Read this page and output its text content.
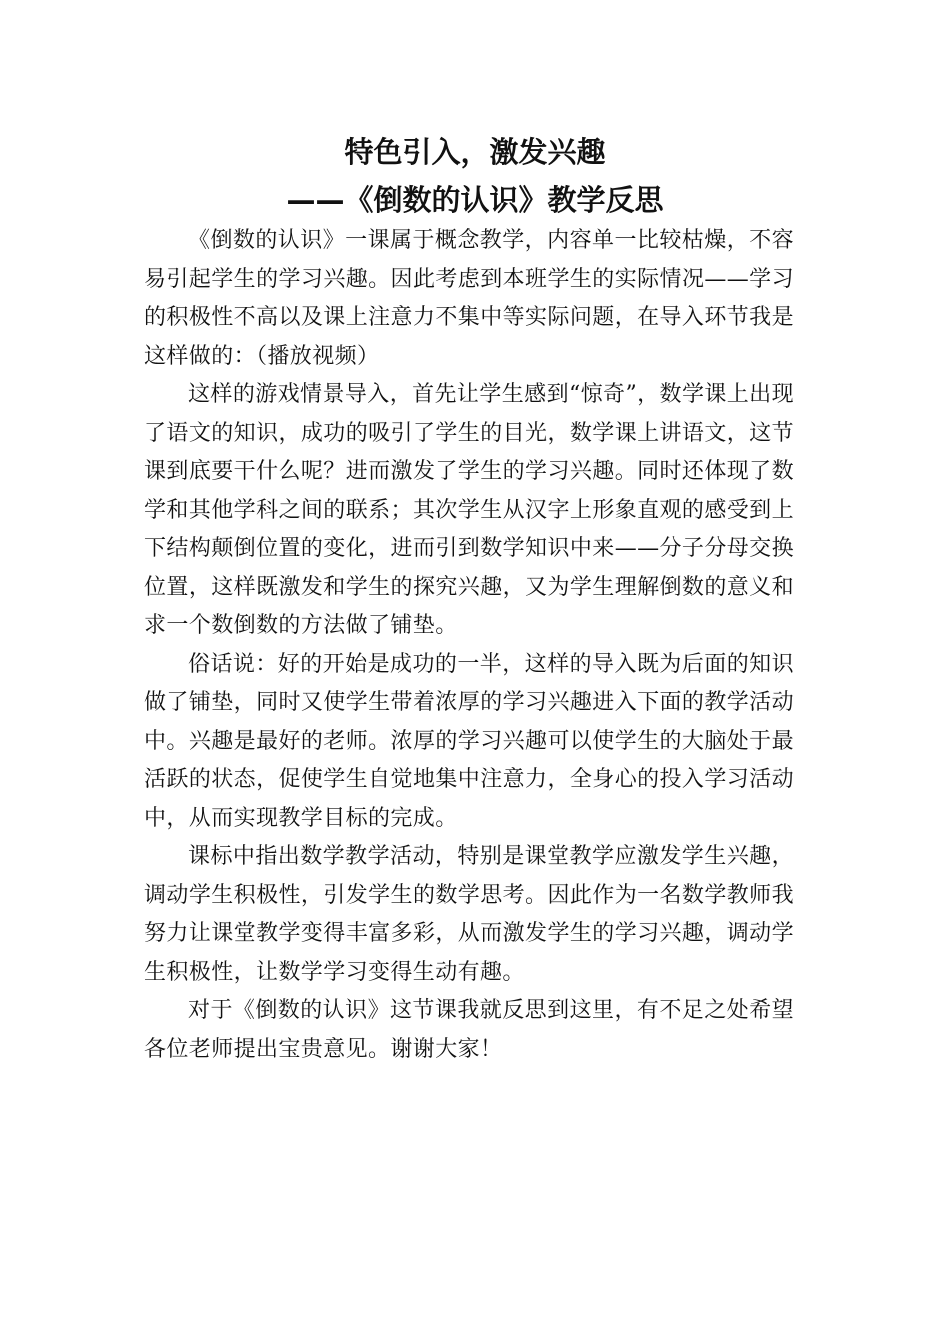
特色引入，激发兴趣
——《倒数的认识》教学反思

《倒数的认识》一课属于概念教学，内容单一比较枯燥，不容易引起学生的学习兴趣。因此考虑到本班学生的实际情况——学习的积极性不高以及课上注意力不集中等实际问题，在导入环节我是这样做的：（播放视频）

这样的游戏情景导入，首先让学生感到“惊奇”，数学课上出现了语文的知识，成功的吸引了学生的目光，数学课上讲语文，这节课到底要干什么呢？进而激发了学生的学习兴趣。同时还体现了数学和其他学科之间的联系；其次学生从汉字上形象直观的感受到上下结构颠倒位置的变化，进而引到数学知识中来——分子分母交换位置，这样既激发和学生的探究兴趣，又为学生理解倒数的意义和求一个数倒数的方法做了铺垫。

俗话说：好的开始是成功的一半，这样的导入既为后面的知识做了铺垫，同时又使学生带着浓厚的学习兴趣进入下面的教学活动中。兴趣是最好的老师。浓厚的学习兴趣可以使学生的大脑处于最活跃的状态，促使学生自觉地集中注意力，全身心的投入学习活动中，从而实现教学目标的完成。

课标中指出数学教学活动，特别是课堂教学应激发学生兴趣，调动学生积极性，引发学生的数学思考。因此作为一名数学教师我努力让课堂教学变得丰富多彩，从而激发学生的学习兴趣，调动学生积极性，让数学学习变得生动有趣。

对于《倒数的认识》这节课我就反思到这里，有不足之处希望各位老师提出宝贵意见。谢谢大家！
